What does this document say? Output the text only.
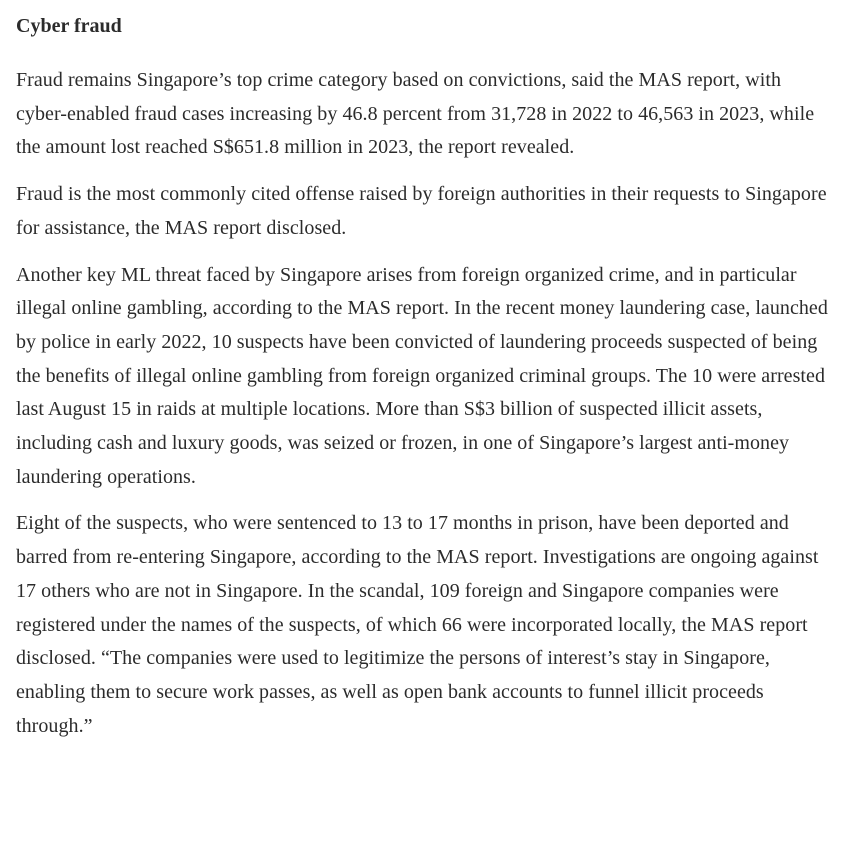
Cyber fraud

Fraud remains Singapore’s top crime category based on convictions, said the MAS report, with cyber-enabled fraud cases increasing by 46.8 percent from 31,728 in 2022 to 46,563 in 2023, while the amount lost reached S$651.8 million in 2023, the report revealed.

Fraud is the most commonly cited offense raised by foreign authorities in their requests to Singapore for assistance, the MAS report disclosed.

Another key ML threat faced by Singapore arises from foreign organized crime, and in particular illegal online gambling, according to the MAS report. In the recent money laundering case, launched by police in early 2022, 10 suspects have been convicted of laundering proceeds suspected of being the benefits of illegal online gambling from foreign organized criminal groups. The 10 were arrested last August 15 in raids at multiple locations. More than S$3 billion of suspected illicit assets, including cash and luxury goods, was seized or frozen, in one of Singapore’s largest anti-money laundering operations.

Eight of the suspects, who were sentenced to 13 to 17 months in prison, have been deported and barred from re-entering Singapore, according to the MAS report. Investigations are ongoing against 17 others who are not in Singapore. In the scandal, 109 foreign and Singapore companies were registered under the names of the suspects, of which 66 were incorporated locally, the MAS report disclosed. “The companies were used to legitimize the persons of interest’s stay in Singapore, enabling them to secure work passes, as well as open bank accounts to funnel illicit proceeds through.”
